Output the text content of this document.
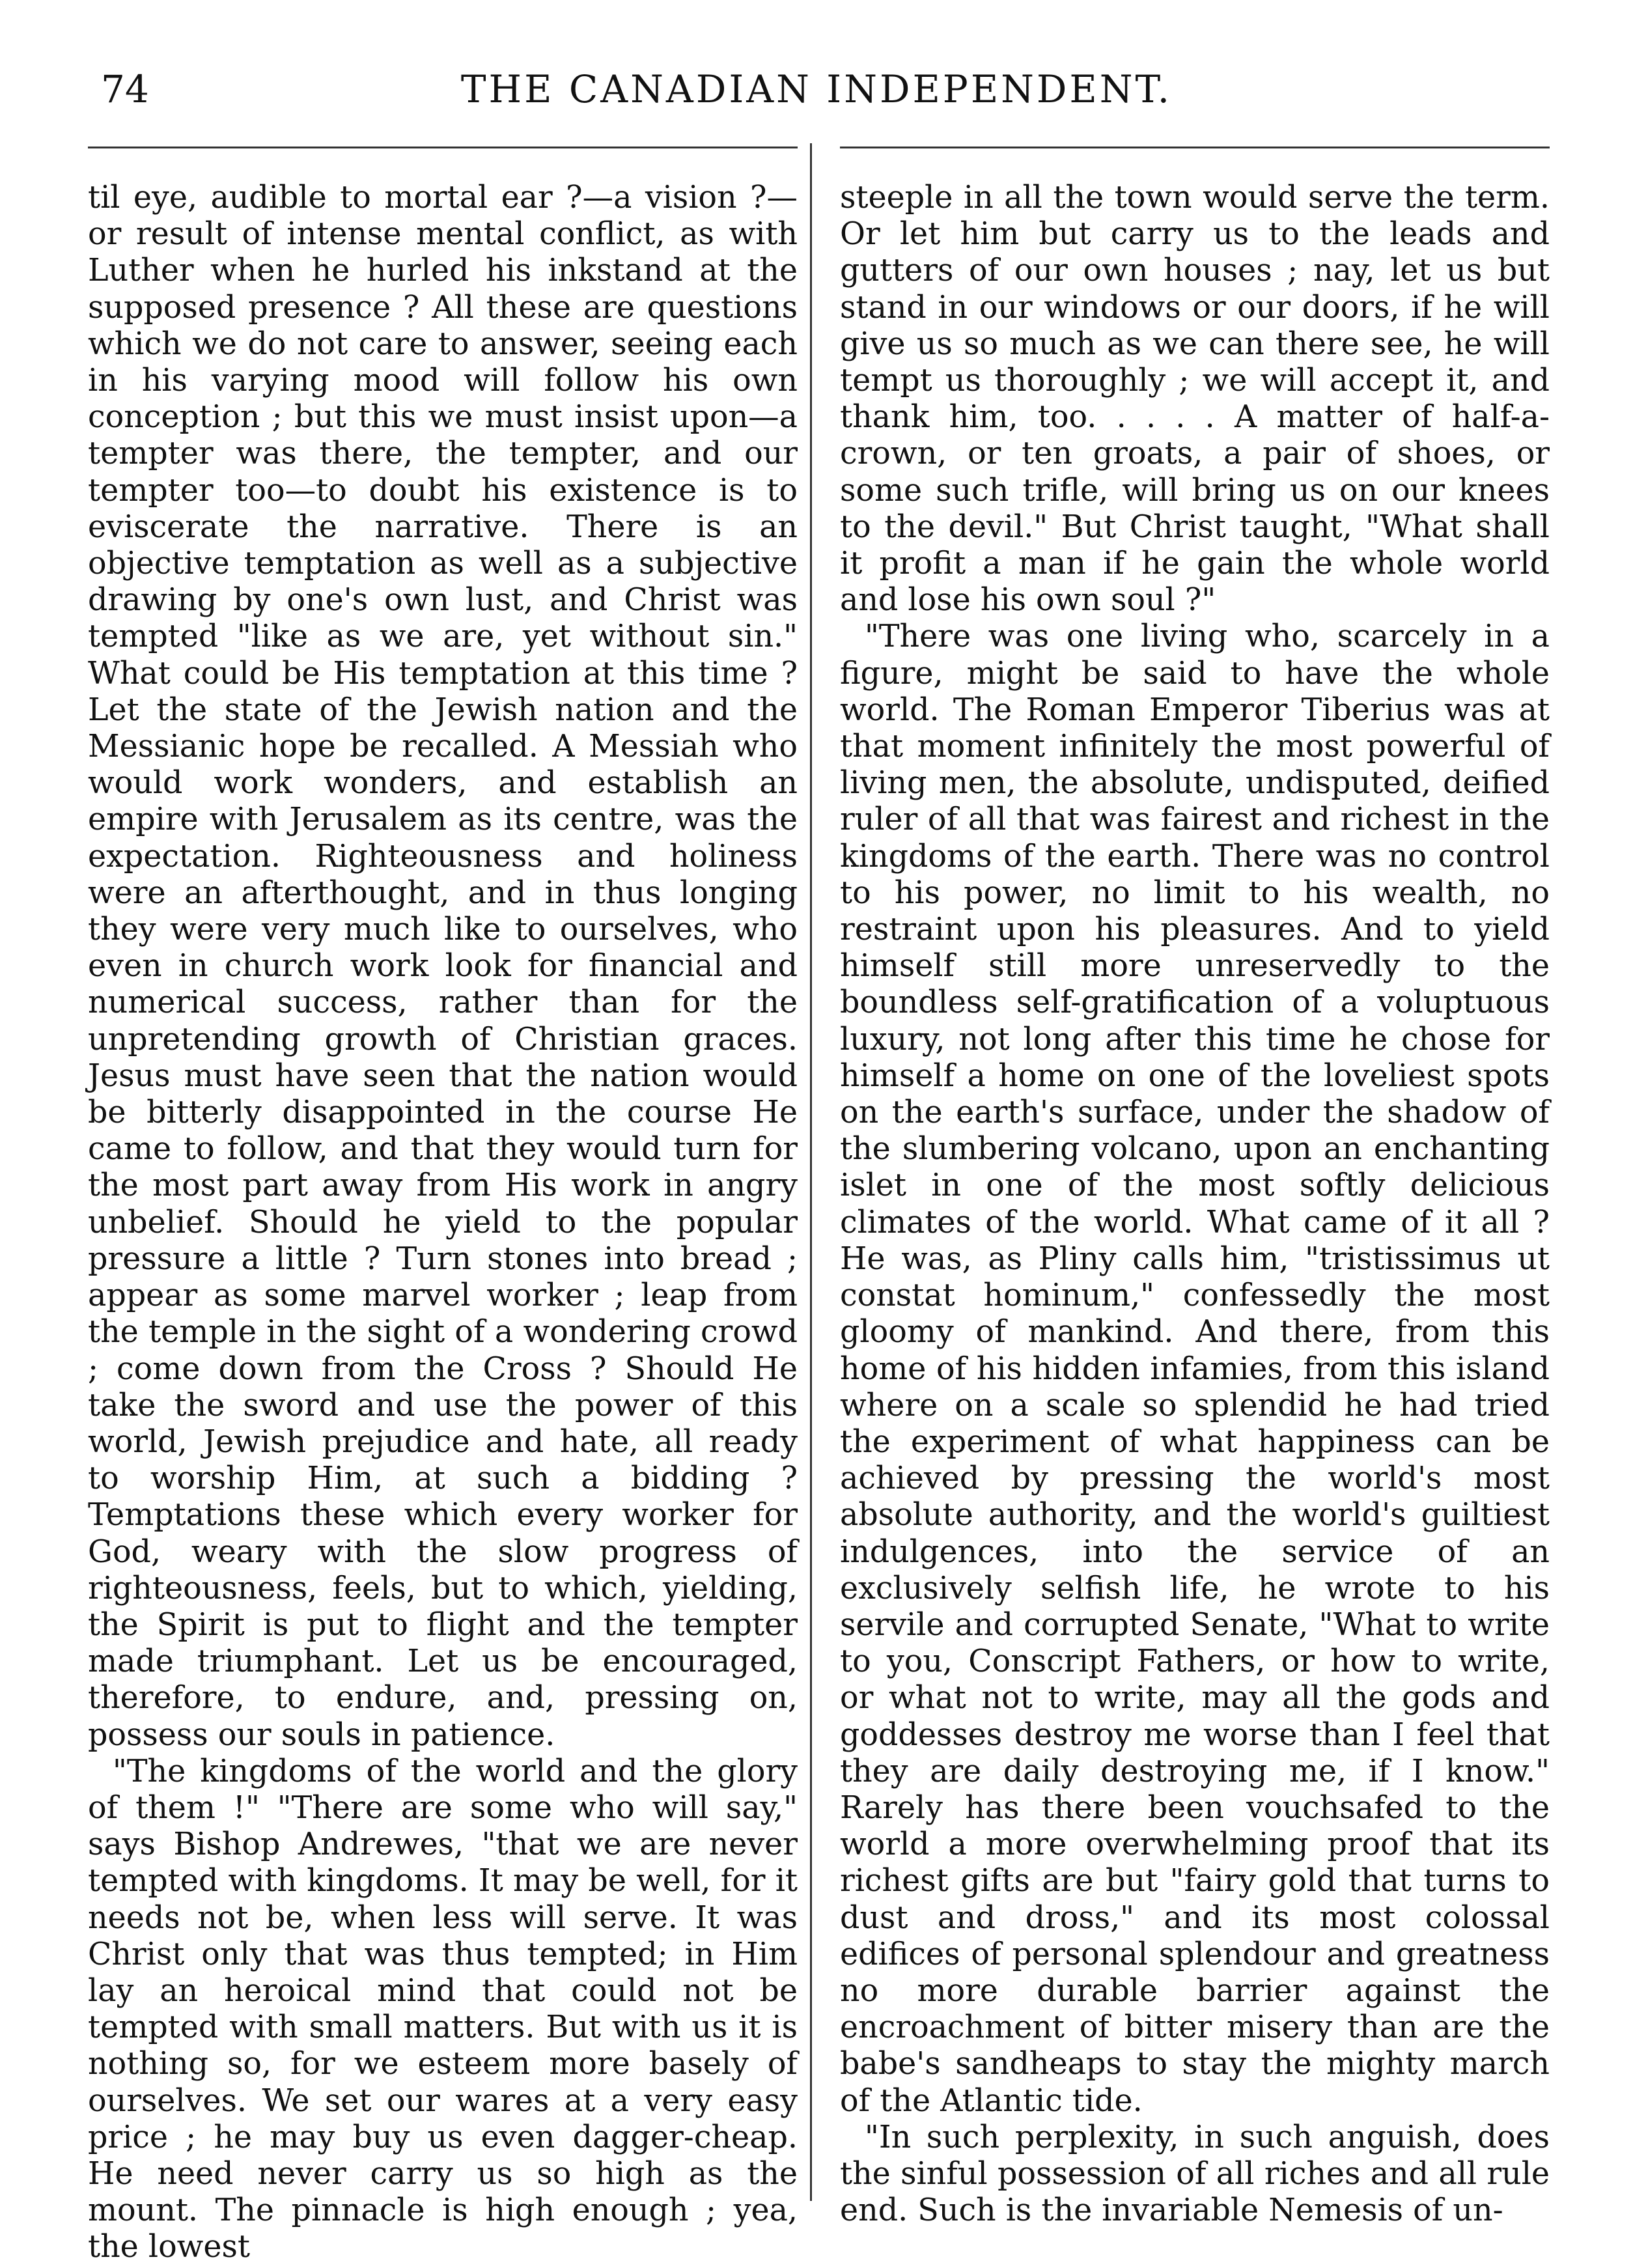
74	THE CANADIAN INDEPENDENT.

til eye, audible to mortal ear ?—a vision ?—or result of intense mental conflict, as with Luther when he hurled his inkstand at the supposed presence ? All these are questions which we do not care to answer, seeing each in his varying mood will follow his own conception ; but this we must insist upon—a tempter was there, the tempter, and our tempter too—to doubt his existence is to eviscerate the narrative. There is an objective temptation as well as a subjective drawing by one's own lust, and Christ was tempted "like as we are, yet without sin." What could be His temptation at this time ? Let the state of the Jewish nation and the Messianic hope be recalled. A Messiah who would work wonders, and establish an empire with Jerusalem as its centre, was the expectation. Righteousness and holiness were an afterthought, and in thus longing they were very much like to ourselves, who even in church work look for financial and numerical success, rather than for the unpretending growth of Christian graces. Jesus must have seen that the nation would be bitterly disappointed in the course He came to follow, and that they would turn for the most part away from His work in angry unbelief. Should he yield to the popular pressure a little ? Turn stones into bread ; appear as some marvel worker ; leap from the temple in the sight of a wondering crowd ; come down from the Cross ? Should He take the sword and use the power of this world, Jewish prejudice and hate, all ready to worship Him, at such a bidding ? Temptations these which every worker for God, weary with the slow progress of righteousness, feels, but to which, yielding, the Spirit is put to flight and the tempter made triumphant. Let us be encouraged, therefore, to endure, and, pressing on, possess our souls in patience.

"The kingdoms of the world and the glory of them !" "There are some who will say," says Bishop Andrewes, "that we are never tempted with kingdoms. It may be well, for it needs not be, when less will serve. It was Christ only that was thus tempted; in Him lay an heroical mind that could not be tempted with small matters. But with us it is nothing so, for we esteem more basely of ourselves. We set our wares at a very easy price ; he may buy us even dagger-cheap. He need never carry us so high as the mount. The pinnacle is high enough ; yea, the lowest

steeple in all the town would serve the term. Or let him but carry us to the leads and gutters of our own houses ; nay, let us but stand in our windows or our doors, if he will give us so much as we can there see, he will tempt us thoroughly ; we will accept it, and thank him, too. . . . . A matter of half-a-crown, or ten groats, a pair of shoes, or some such trifle, will bring us on our knees to the devil." But Christ taught, "What shall it profit a man if he gain the whole world and lose his own soul ?"

"There was one living who, scarcely in a figure, might be said to have the whole world. The Roman Emperor Tiberius was at that moment infinitely the most powerful of living men, the absolute, undisputed, deified ruler of all that was fairest and richest in the kingdoms of the earth. There was no control to his power, no limit to his wealth, no restraint upon his pleasures. And to yield himself still more unreservedly to the boundless self-gratification of a voluptuous luxury, not long after this time he chose for himself a home on one of the loveliest spots on the earth's surface, under the shadow of the slumbering volcano, upon an enchanting islet in one of the most softly delicious climates of the world. What came of it all ? He was, as Pliny calls him, "tristissimus ut constat hominum," confessedly the most gloomy of mankind. And there, from this home of his hidden infamies, from this island where on a scale so splendid he had tried the experiment of what happiness can be achieved by pressing the world's most absolute authority, and the world's guiltiest indulgences, into the service of an exclusively selfish life, he wrote to his servile and corrupted Senate, "What to write to you, Conscript Fathers, or how to write, or what not to write, may all the gods and goddesses destroy me worse than I feel that they are daily destroying me, if I know." Rarely has there been vouchsafed to the world a more overwhelming proof that its richest gifts are but "fairy gold that turns to dust and dross," and its most colossal edifices of personal splendour and greatness no more durable barrier against the encroachment of bitter misery than are the babe's sandheaps to stay the mighty march of the Atlantic tide.

"In such perplexity, in such anguish, does the sinful possession of all riches and all rule end. Such is the invariable Nemesis of un-
